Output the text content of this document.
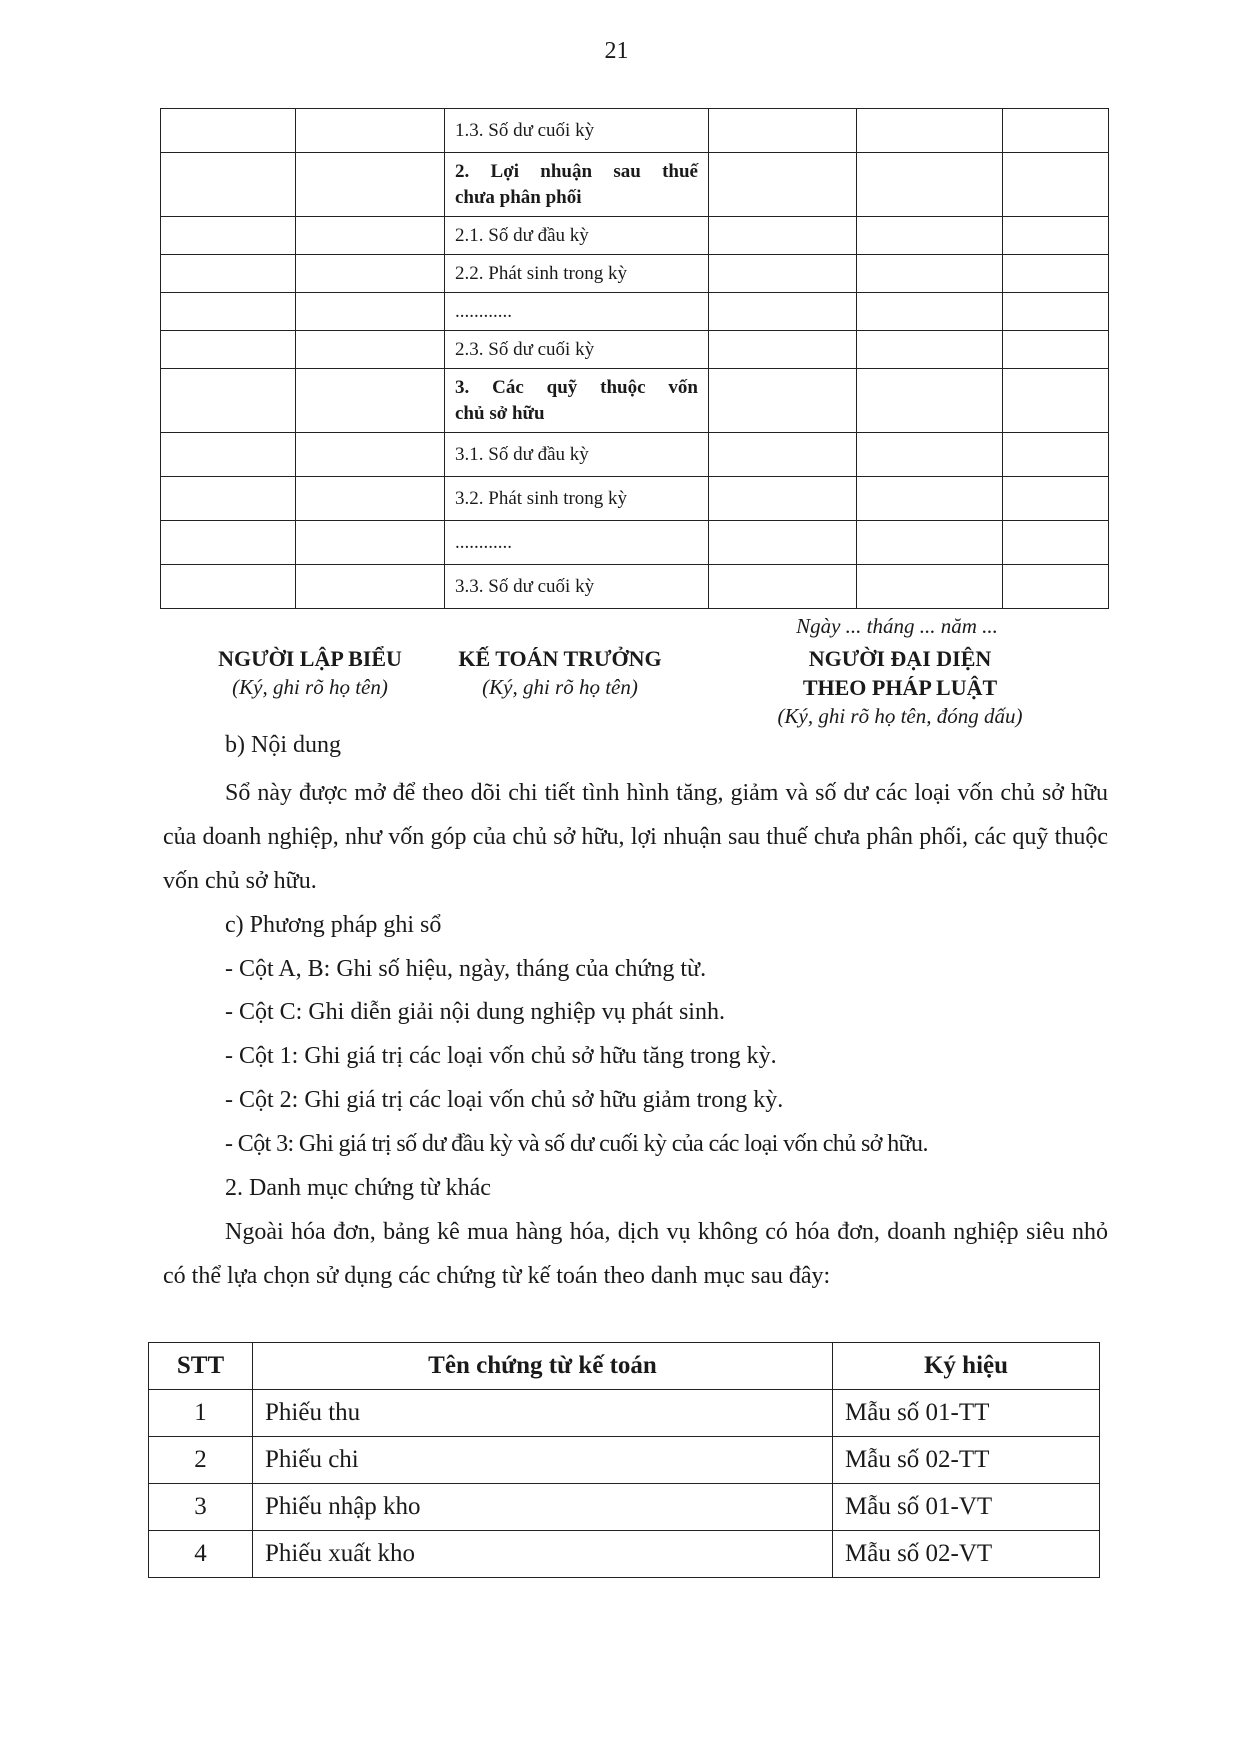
21
		1.3. Số dư cuối kỳ			

		2. Lợi nhuận sau thuế
chưa phân phối			
		2.1. Số dư đầu kỳ			
		2.2. Phát sinh trong kỳ			
		............			
		2.3. Số dư cuối kỳ			

		3. Các quỹ thuộc vốn
chủ sở hữu			
		3.1. Số dư đầu kỳ			
		3.2. Phát sinh trong kỳ			
		............			
		3.3. Số dư cuối kỳ			
Ngày ... tháng ... năm ...
NGƯỜI LẬP BIỂU
(Ký, ghi rõ họ tên)
KẾ TOÁN TRƯỞNG
(Ký, ghi rõ họ tên)
NGƯỜI ĐẠI DIỆN
THEO PHÁP LUẬT
(Ký, ghi rõ họ tên, đóng dấu)
b) Nội dung
Sổ này được mở để theo dõi chi tiết tình hình tăng, giảm và số dư các loại vốn chủ sở hữu của doanh nghiệp, như vốn góp của chủ sở hữu, lợi nhuận sau thuế chưa phân phối, các quỹ thuộc vốn chủ sở hữu.
c) Phương pháp ghi sổ
- Cột A, B: Ghi số hiệu, ngày, tháng của chứng từ.
- Cột C: Ghi diễn giải nội dung nghiệp vụ phát sinh.
- Cột 1: Ghi giá trị các loại vốn chủ sở hữu tăng trong kỳ.
- Cột 2: Ghi giá trị các loại vốn chủ sở hữu giảm trong kỳ.
- Cột 3: Ghi giá trị số dư đầu kỳ và số dư cuối kỳ của các loại vốn chủ sở hữu.
2. Danh mục chứng từ khác
Ngoài hóa đơn, bảng kê mua hàng hóa, dịch vụ không có hóa đơn, doanh nghiệp siêu nhỏ có thể lựa chọn sử dụng các chứng từ kế toán theo danh mục sau đây:
STT	Tên chứng từ kế toán	Ký hiệu
1	Phiếu thu	Mẫu số 01-TT
2	Phiếu chi	Mẫu số 02-TT
3	Phiếu nhập kho	Mẫu số 01-VT
4	Phiếu xuất kho	Mẫu số 02-VT
